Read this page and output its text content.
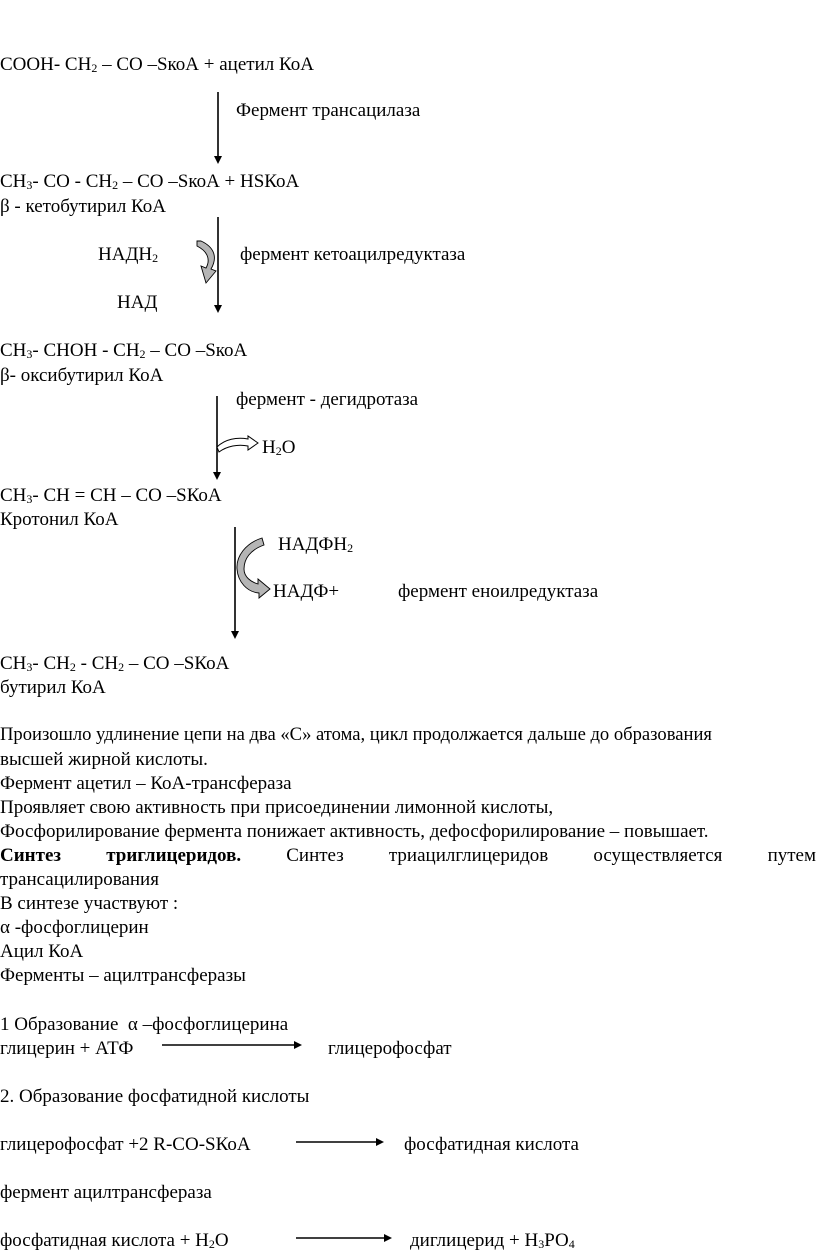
СООН- $СН_2$ – СО –SкоА + ацетил КоА
Фермент трансацилаза
$СН_3-$ СО - $СН_2$ – СО –SкоА + НSКоА
β - кетобутирил КоА
$НАДН_2$	фермент кетоацилредуктаза
НАД
$СН_3-$ СНОН - $СН_2$ – СО –SкоА
β- оксибутирил КоА
фермент - дегидротаза
$Н_2О$
$СН_3-$ СН = СН – СО –SКоА
Кротонил КоА
$НАДФН_2$
НАДФ+	фермент еноилредуктаза
$СН_3-$ $СН_2 - СН_2$ – СО –SКоА
бутирил КоА
Произошло удлинение цепи на два «С» атома, цикл продолжается дальше до образования
высшей жирной кислоты.
Фермент ацетил – КоА-трансфераза
Проявляет свою активность при присоединении лимонной кислоты,
Фосфорилирование фермента понижает активность, дефосфорилирование – повышает.
Синтез триглицеридов. Синтез триацилглицеридов осуществляется путем
трансацилирования
В синтезе участвуют :
α -фосфоглицерин
Ацил КоА
Ферменты – ацилтрансферазы
1 Образование  α –фосфоглицерина
глицерин + АТФ	глицерофосфат
2. Образование фосфатидной кислоты
глицерофосфат +2 R-CO-SКоА	фосфатидная кислота
фермент ацилтрансфераза
фосфатидная кислота + $Н_2О$	диглицерид + $Н_3РО_4$
